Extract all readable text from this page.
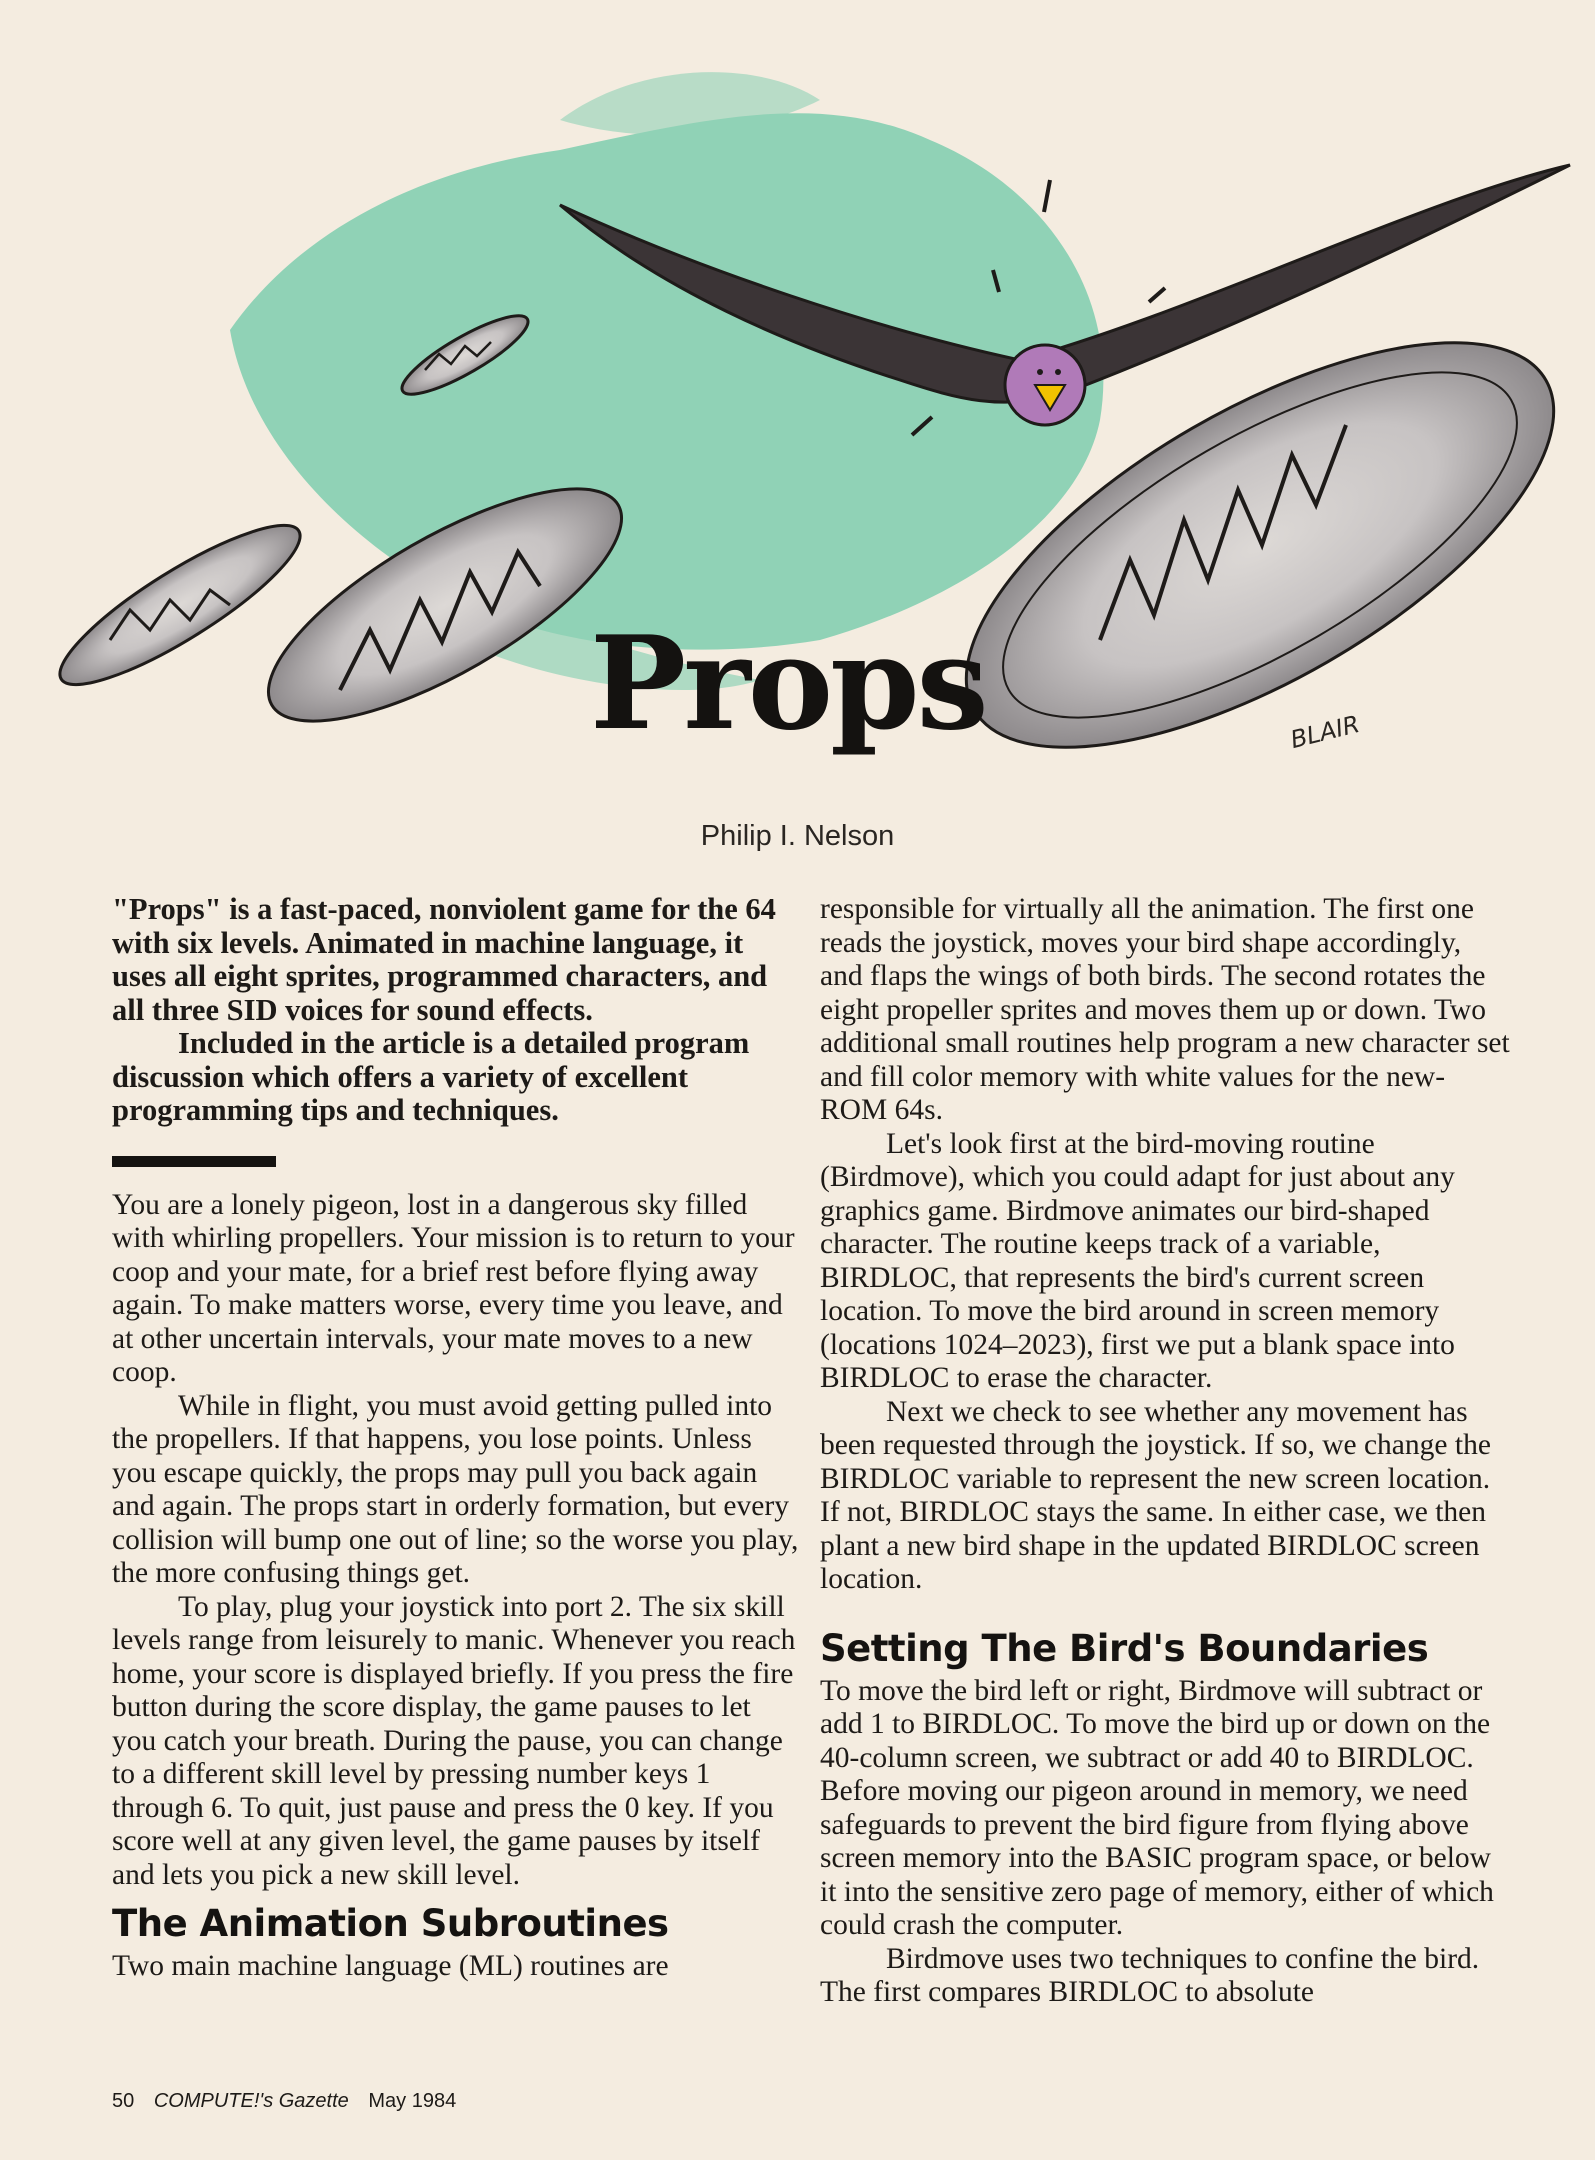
Props	BLAIR
Philip I. Nelson

"Props" is a fast-paced, nonviolent game for the 64 with six levels. Animated in machine language, it uses all eight sprites, programmed characters, and all three SID voices for sound effects.

Included in the article is a detailed program discussion which offers a variety of excellent programming tips and techniques.

You are a lonely pigeon, lost in a dangerous sky filled with whirling propellers. Your mission is to return to your coop and your mate, for a brief rest before flying away again. To make matters worse, every time you leave, and at other uncertain intervals, your mate moves to a new coop.

While in flight, you must avoid getting pulled into the propellers. If that happens, you lose points. Unless you escape quickly, the props may pull you back again and again. The props start in orderly formation, but every collision will bump one out of line; so the worse you play, the more confusing things get.

To play, plug your joystick into port 2. The six skill levels range from leisurely to manic. Whenever you reach home, your score is displayed briefly. If you press the fire button during the score display, the game pauses to let you catch your breath. During the pause, you can change to a different skill level by pressing number keys 1 through 6. To quit, just pause and press the 0 key. If you score well at any given level, the game pauses by itself and lets you pick a new skill level.

The Animation Subroutines

Two main machine language (ML) routines are

responsible for virtually all the animation. The first one reads the joystick, moves your bird shape accordingly, and flaps the wings of both birds. The second rotates the eight propeller sprites and moves them up or down. Two additional small routines help program a new character set and fill color memory with white values for the new-ROM 64s.

Let's look first at the bird-moving routine (Birdmove), which you could adapt for just about any graphics game. Birdmove animates our bird-shaped character. The routine keeps track of a variable, BIRDLOC, that represents the bird's current screen location. To move the bird around in screen memory (locations 1024–2023), first we put a blank space into BIRDLOC to erase the character.

Next we check to see whether any movement has been requested through the joystick. If so, we change the BIRDLOC variable to represent the new screen location. If not, BIRDLOC stays the same. In either case, we then plant a new bird shape in the updated BIRDLOC screen location.

Setting The Bird's Boundaries

To move the bird left or right, Birdmove will subtract or add 1 to BIRDLOC. To move the bird up or down on the 40-column screen, we subtract or add 40 to BIRDLOC. Before moving our pigeon around in memory, we need safeguards to prevent the bird figure from flying above screen memory into the BASIC program space, or below it into the sensitive zero page of memory, either of which could crash the computer.

Birdmove uses two techniques to confine the bird. The first compares BIRDLOC to absolute

50 COMPUTE!'s Gazette May 1984
